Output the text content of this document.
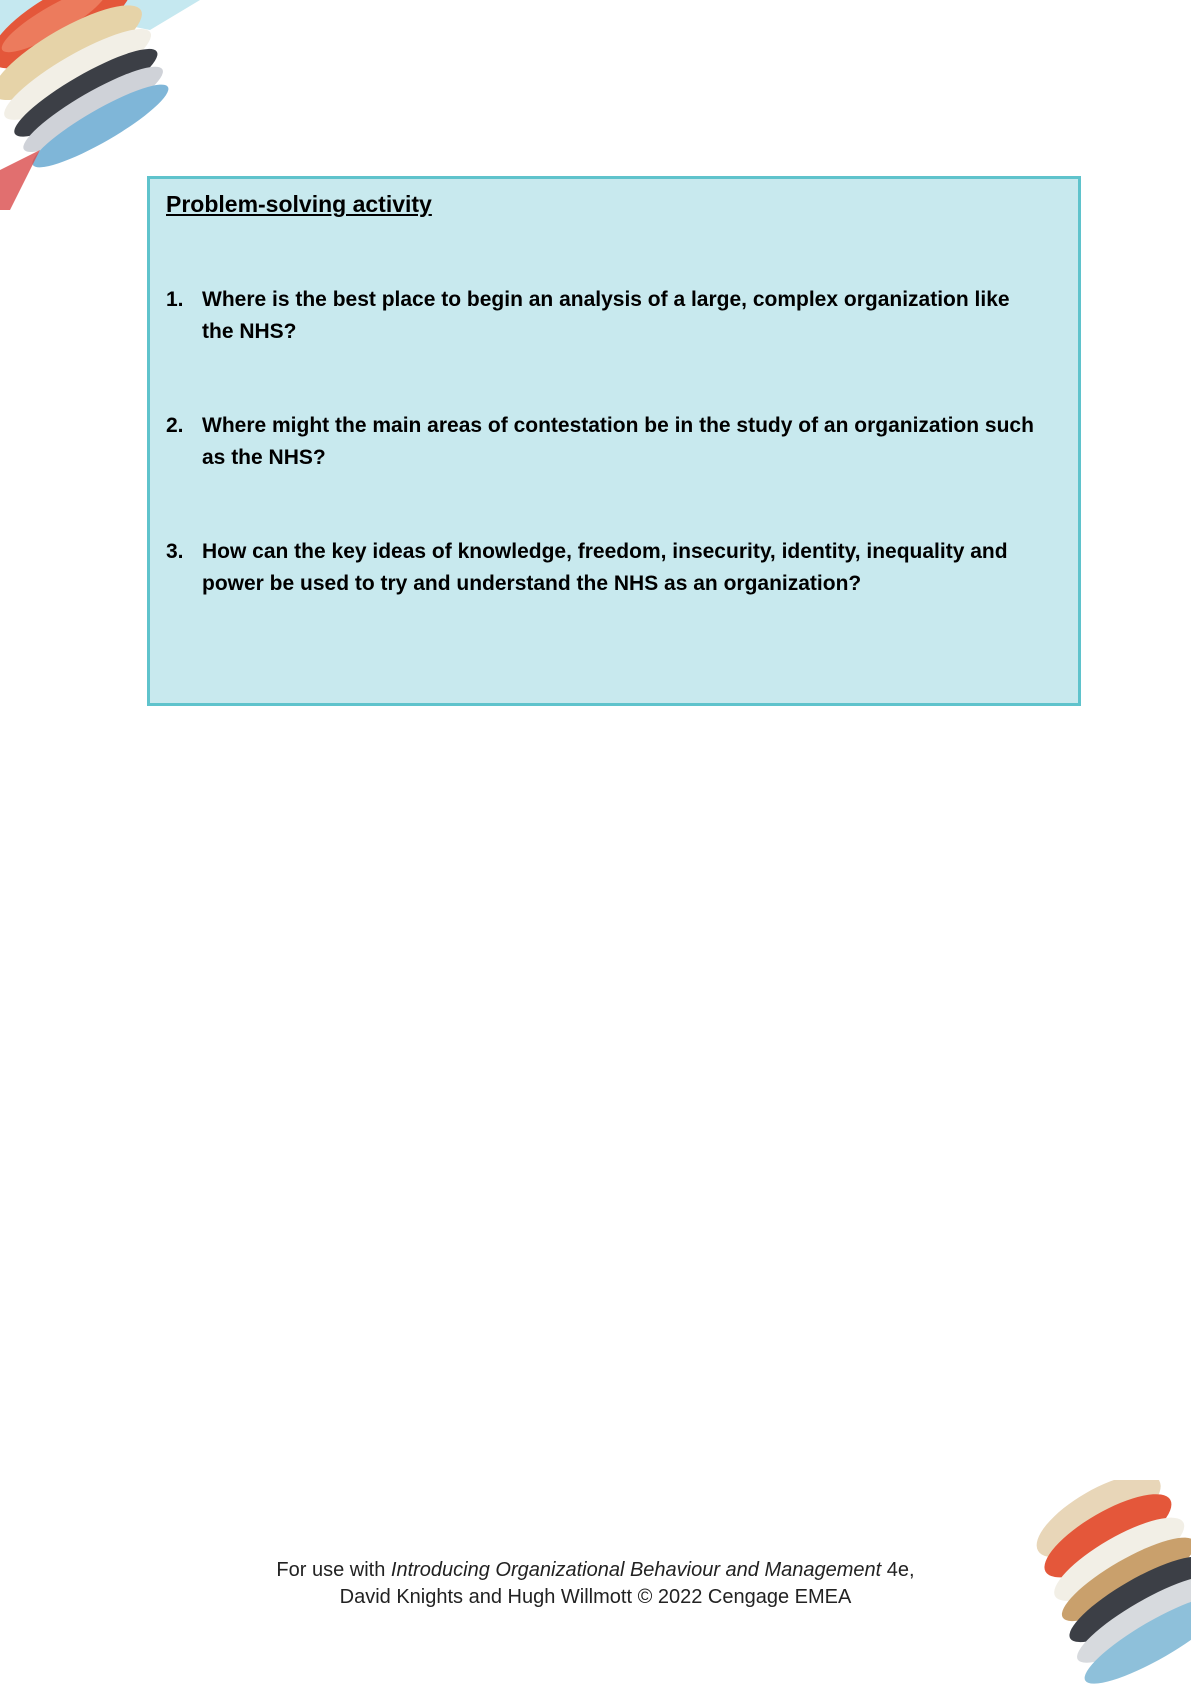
Problem-solving activity
1. Where is the best place to begin an analysis of a large, complex organization like the NHS?
2. Where might the main areas of contestation be in the study of an organization such as the NHS?
3. How can the key ideas of knowledge, freedom, insecurity, identity, inequality and power be used to try and understand the NHS as an organization?
For use with Introducing Organizational Behaviour and Management 4e,
David Knights and Hugh Willmott © 2022 Cengage EMEA
